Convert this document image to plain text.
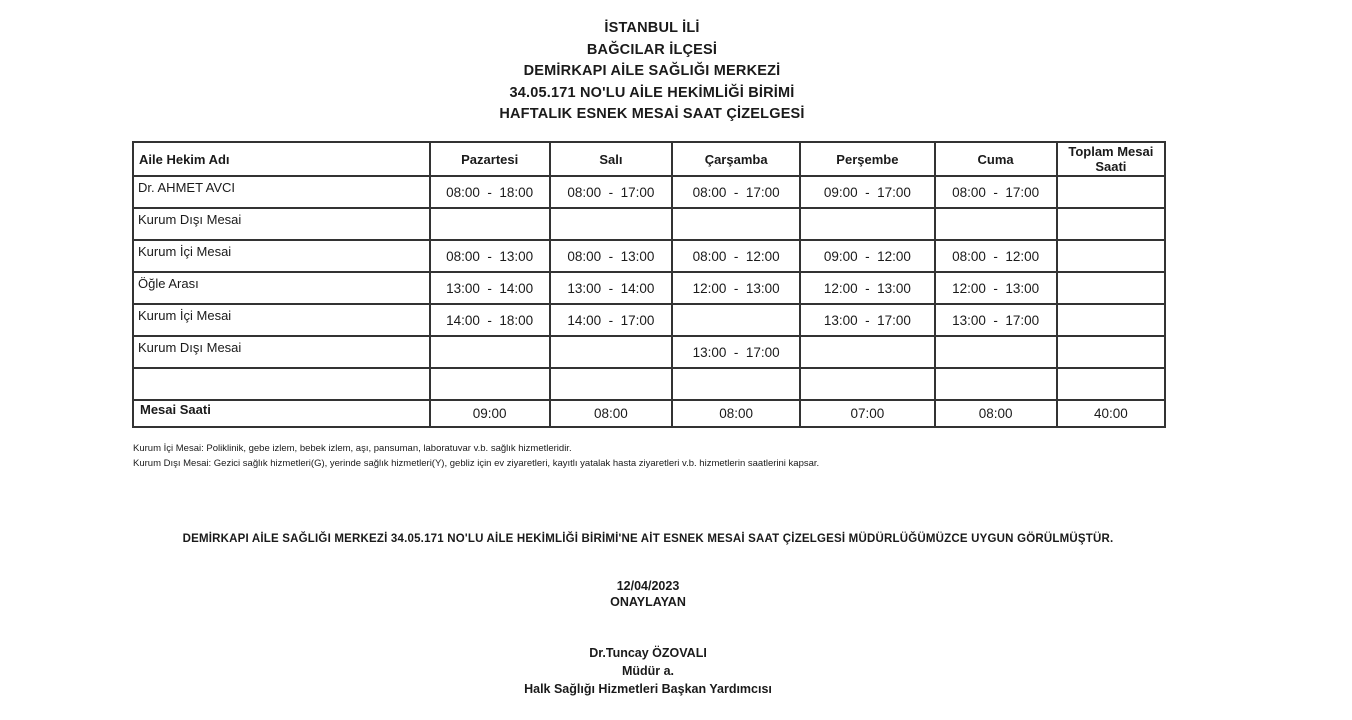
İSTANBUL İLİ
BAĞCILAR İLÇESİ
DEMİRKAPI AİLE SAĞLIĞI MERKEZİ
34.05.171 NO'LU AİLE HEKİMLİĞİ BİRİMİ
HAFTALIK ESNEK MESAİ SAAT ÇİZELGESİ
Aile Hekim Adı	Pazartesi	Salı	Çarşamba	Perşembe	Cuma	Toplam Mesai Saati
Dr. AHMET AVCI	08:00  -  18:00	08:00  -  17:00	08:00  -  17:00	09:00  -  17:00	08:00  -  17:00	
Kurum Dışı Mesai						
Kurum İçi Mesai	08:00  -  13:00	08:00  -  13:00	08:00  -  12:00	09:00  -  12:00	08:00  -  12:00	
Öğle Arası	13:00  -  14:00	13:00  -  14:00	12:00  -  13:00	12:00  -  13:00	12:00  -  13:00	
Kurum İçi Mesai	14:00  -  18:00	14:00  -  17:00		13:00  -  17:00	13:00  -  17:00	
Kurum Dışı Mesai			13:00  -  17:00			

Mesai Saati	09:00	08:00	08:00	07:00	08:00	40:00
Kurum İçi Mesai: Poliklinik, gebe izlem, bebek izlem, aşı, pansuman, laboratuvar v.b. sağlık hizmetleridir.
Kurum Dışı Mesai: Gezici sağlık hizmetleri(G), yerinde sağlık hizmetleri(Y), gebliz için ev ziyaretleri, kayıtlı yatalak hasta ziyaretleri v.b. hizmetlerin saatlerini kapsar.
DEMİRKAPI AİLE SAĞLIĞI MERKEZİ 34.05.171 NO'LU AİLE HEKİMLİĞİ BİRİMİ'NE AİT ESNEK MESAİ SAAT ÇİZELGESİ MÜDÜRLÜĞÜMÜZCE UYGUN GÖRÜLMÜŞTÜR.
12/04/2023
ONAYLAYAN
Dr.Tuncay ÖZOVALI
Müdür a.
Halk Sağlığı Hizmetleri Başkan Yardımcısı
